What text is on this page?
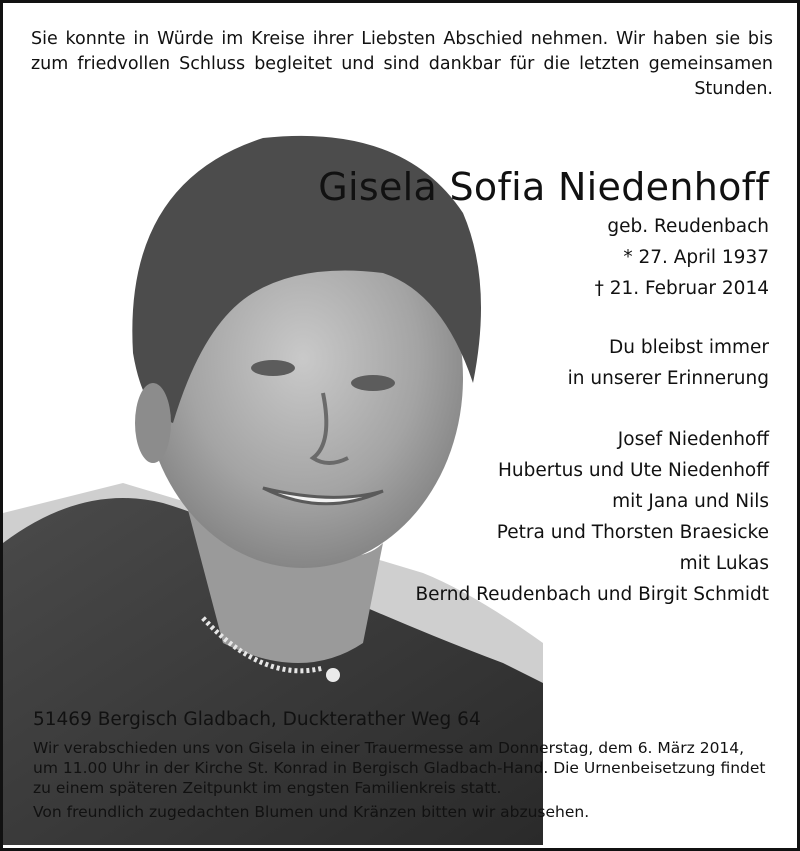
Sie konnte in Würde im Kreise ihrer Liebsten Abschied nehmen. Wir haben sie bis zum friedvollen Schluss begleitet und sind dankbar für die letzten gemeinsamen Stunden.
Gisela Sofia Niedenhoff
geb. Reudenbach
* 27. April 1937
† 21. Februar 2014
Du bleibst immer
in unserer Erinnerung
Josef Niedenhoff
Hubertus und Ute Niedenhoff
mit Jana und Nils
Petra und Thorsten Braesicke
mit Lukas
Bernd Reudenbach und Birgit Schmidt
51469 Bergisch Gladbach, Duckterather Weg 64

Wir verabschieden uns von Gisela in einer Trauermesse am Donnerstag, dem 6. März 2014, um 11.00 Uhr in der Kirche St. Konrad in Bergisch Gladbach-Hand. Die Urnenbeisetzung findet zu einem späteren Zeitpunkt im engsten Familienkreis statt.

Von freundlich zugedachten Blumen und Kränzen bitten wir abzusehen.
